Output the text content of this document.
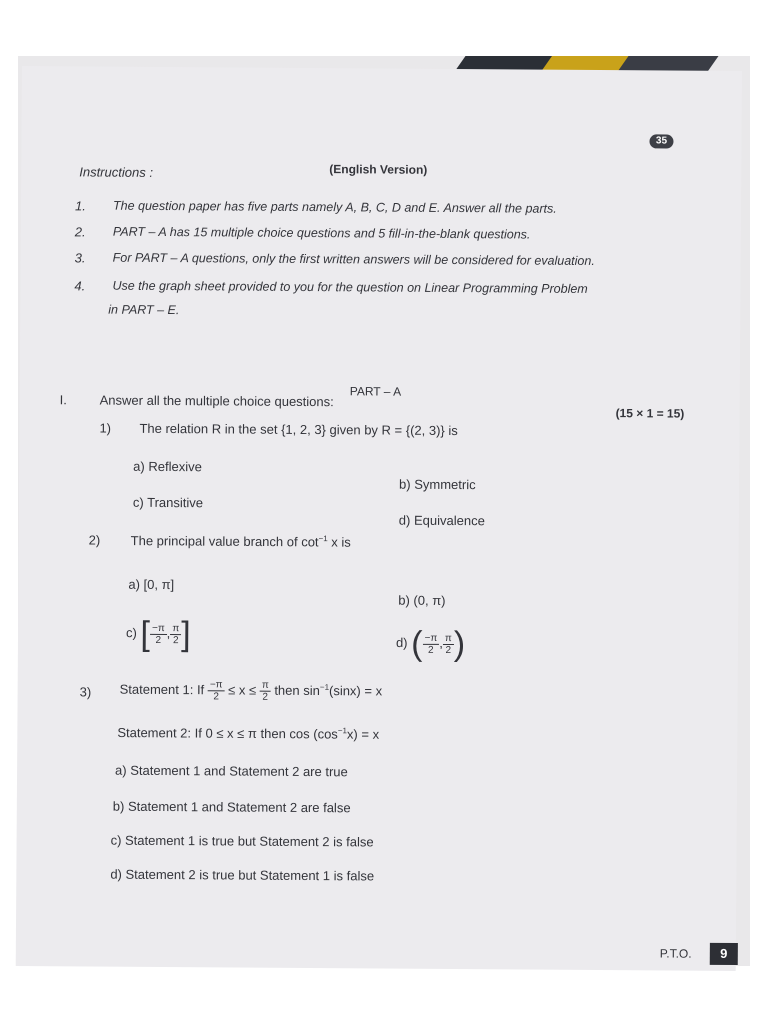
35
Instructions :	(English Version)
1. The question paper has five parts namely A, B, C, D and E. Answer all the parts.
2. PART – A has 15 multiple choice questions and 5 fill-in-the-blank questions.
3. For PART – A questions, only the first written answers will be considered for evaluation.
4. Use the graph sheet provided to you for the question on Linear Programming Problem
in PART – E.
PART – A
I.	Answer all the multiple choice questions:
(15 × 1 = 15)
1) The relation R in the set {1, 2, 3} given by R = {(2, 3)} is
a) Reflexive
b) Symmetric
c) Transitive
d) Equivalence
2) The principal value branch of $\cot^{-1} x$ is
a) [0, π]
b) (0, π)
c) [ $\frac{-\pi}{2}$ , $\frac{\pi}{2}$ ]	d) ( $\frac{-\pi}{2}$ , $\frac{\pi}{2}$ )
3) Statement 1: If $\frac{-\pi}{2} \le x \le \frac{\pi}{2}$ then $\sin^{-1}(\sin x) = x$
Statement 2: If 0 ≤ x ≤ π then $\cos (\cos^{-1}x) = x$
a) Statement 1 and Statement 2 are true
b) Statement 1 and Statement 2 are false
c) Statement 1 is true but Statement 2 is false
d) Statement 2 is true but Statement 1 is false
P.T.O.	9
